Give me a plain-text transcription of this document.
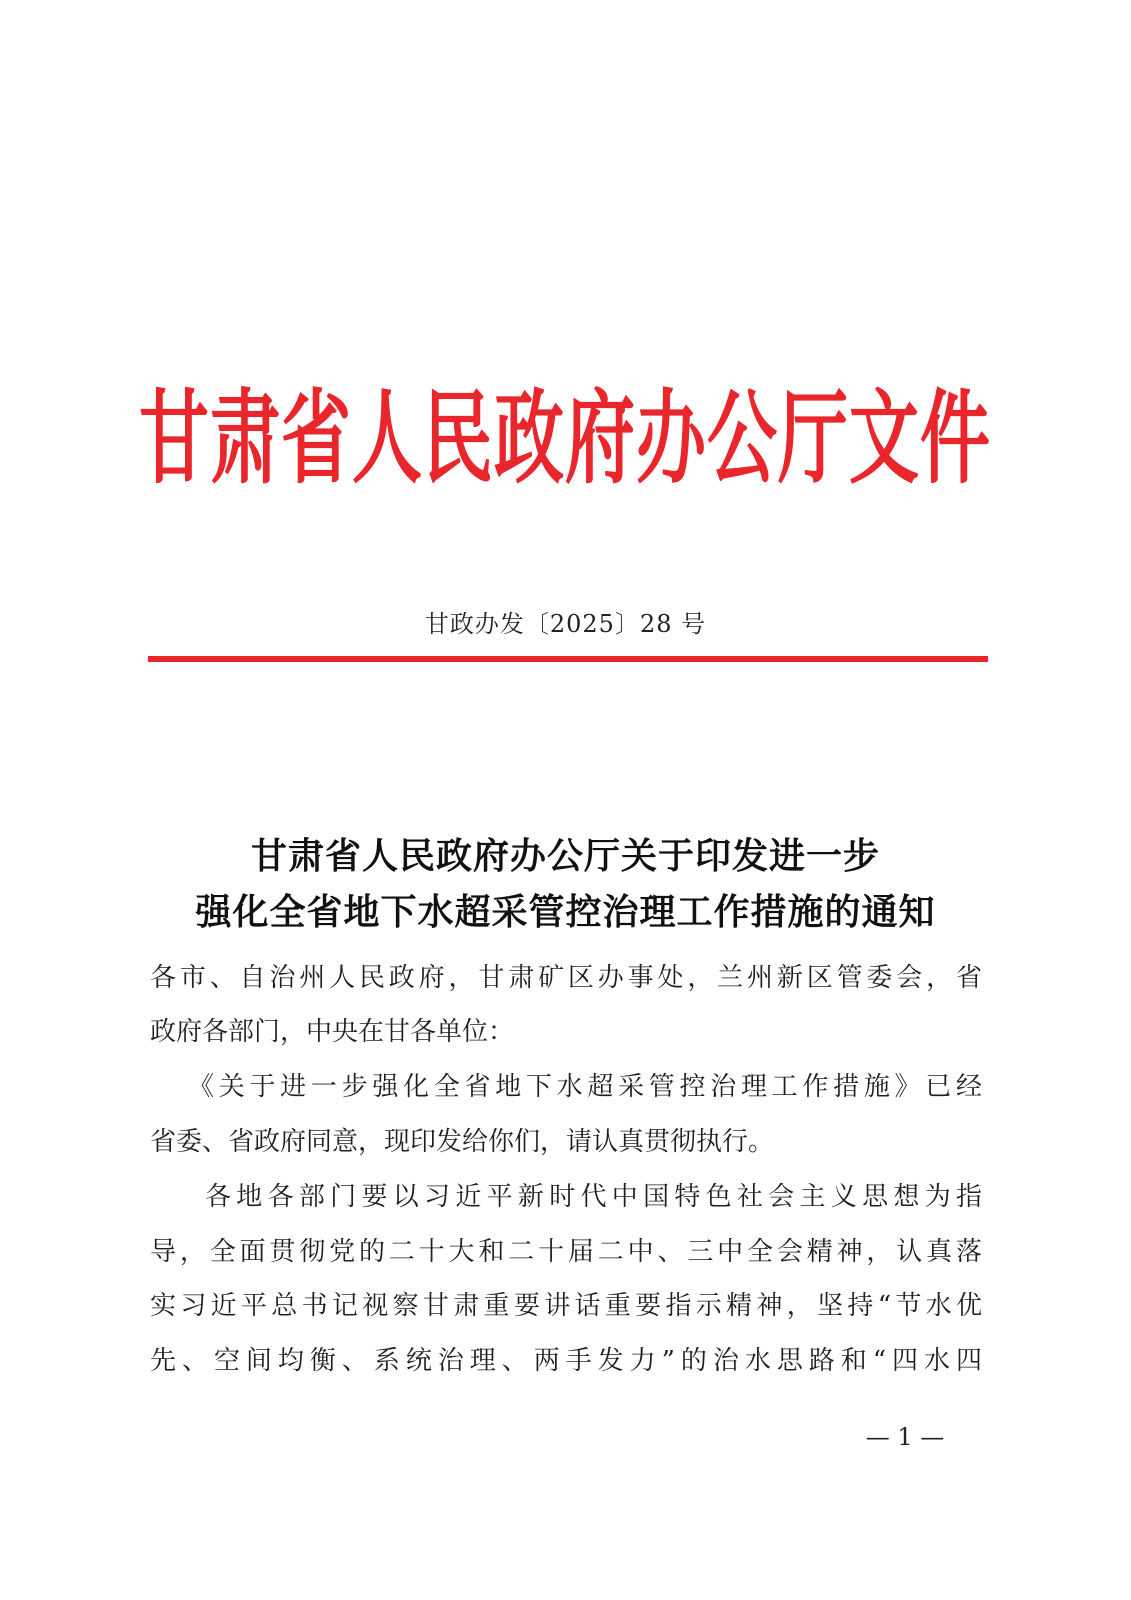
甘肃省人民政府办公厅文件
甘政办发〔2025〕28 号
甘肃省人民政府办公厅关于印发进一步
强化全省地下水超采管控治理工作措施的通知
各市、自治州人民政府，甘肃矿区办事处，兰州新区管委会，省
政府各部门，中央在甘各单位：
《关于进一步强化全省地下水超采管控治理工作措施》已经
省委、省政府同意，现印发给你们，请认真贯彻执行。
各地各部门要以习近平新时代中国特色社会主义思想为指
导，全面贯彻党的二十大和二十届二中、三中全会精神，认真落
实习近平总书记视察甘肃重要讲话重要指示精神，坚持“节水优
先、空间均衡、系统治理、两手发力”的治水思路和“四水四
— 1 —
